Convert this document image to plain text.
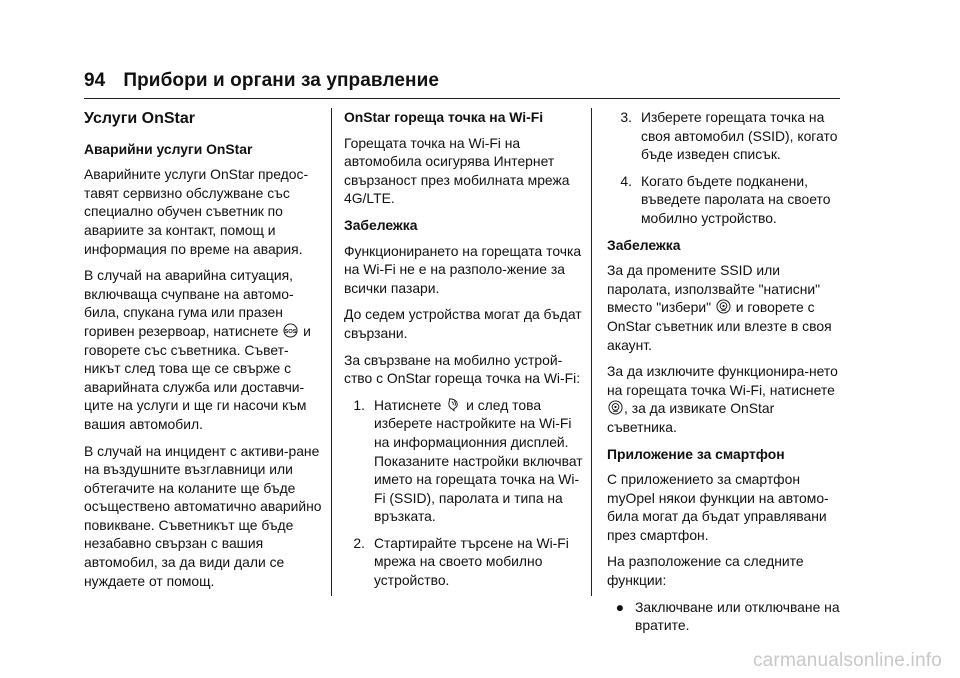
94 Прибори и органи за управление
Услуги OnStar
Аварийни услуги OnStar

Аварийните услуги OnStar предос-тавят сервизно обслужване със специално обучен съветник по авариите за контакт, помощ и информация по време на авария.

В случай на аварийна ситуация, включваща счупване на автомо-била, спукана гума или празен горивен резервоар, натиснете SOS и говорете със съветника. Съвет-никът след това ще се свърже с аварийната служба или доставчи-ците на услуги и ще ги насочи към вашия автомобил.

В случай на инцидент с активи-ране на въздушните възглавници или обтегачите на коланите ще бъде осъществено автоматично аварийно повикване. Съветникът ще бъде незабавно свързан с вашия автомобил, за да види дали се нуждаете от помощ.

OnStar гореща точка на Wi-Fi

Горещата точка на Wi-Fi на автомобила осигурява Интернет свързаност през мобилната мрежа 4G/LTE.

Забележка

Функционирането на горещата точка на Wi-Fi не е на разполо-жение за всички пазари.

До седем устройства могат да бъдат свързани.

За свързване на мобилно устрой-ство с OnStar гореща точка на Wi-Fi:

1. Натиснете
и след това изберете настройките на Wi-Fi на информационния дисплей. Показаните настройки включват името на горещата точка на Wi- Fi (SSID), паролата и типа на връзката.
2. Стартирайте търсене на Wi-Fi мрежа на своето мобилно устройство.
3. Изберете горещата точка на своя автомобил (SSID), когато бъде изведен списък.
4. Когато бъдете подканени, въведете паролата на своето мобилно устройство.
Забележка

За да промените SSID или паролата, използвайте "натисни" вместо "избери"
и говорете с OnStar съветник или влезте в своя акаунт.

За да изключите функционира-нето на горещата точка Wi-Fi, натиснете
, за да извикате OnStar съветника.

Приложение за смартфон

С приложението за смартфон myOpel някои функции на автомо-била могат да бъдат управлявани през смартфон.

На разположение са следните функции:

● Заключване или отключване на вратите.
carmanualsonline.info
